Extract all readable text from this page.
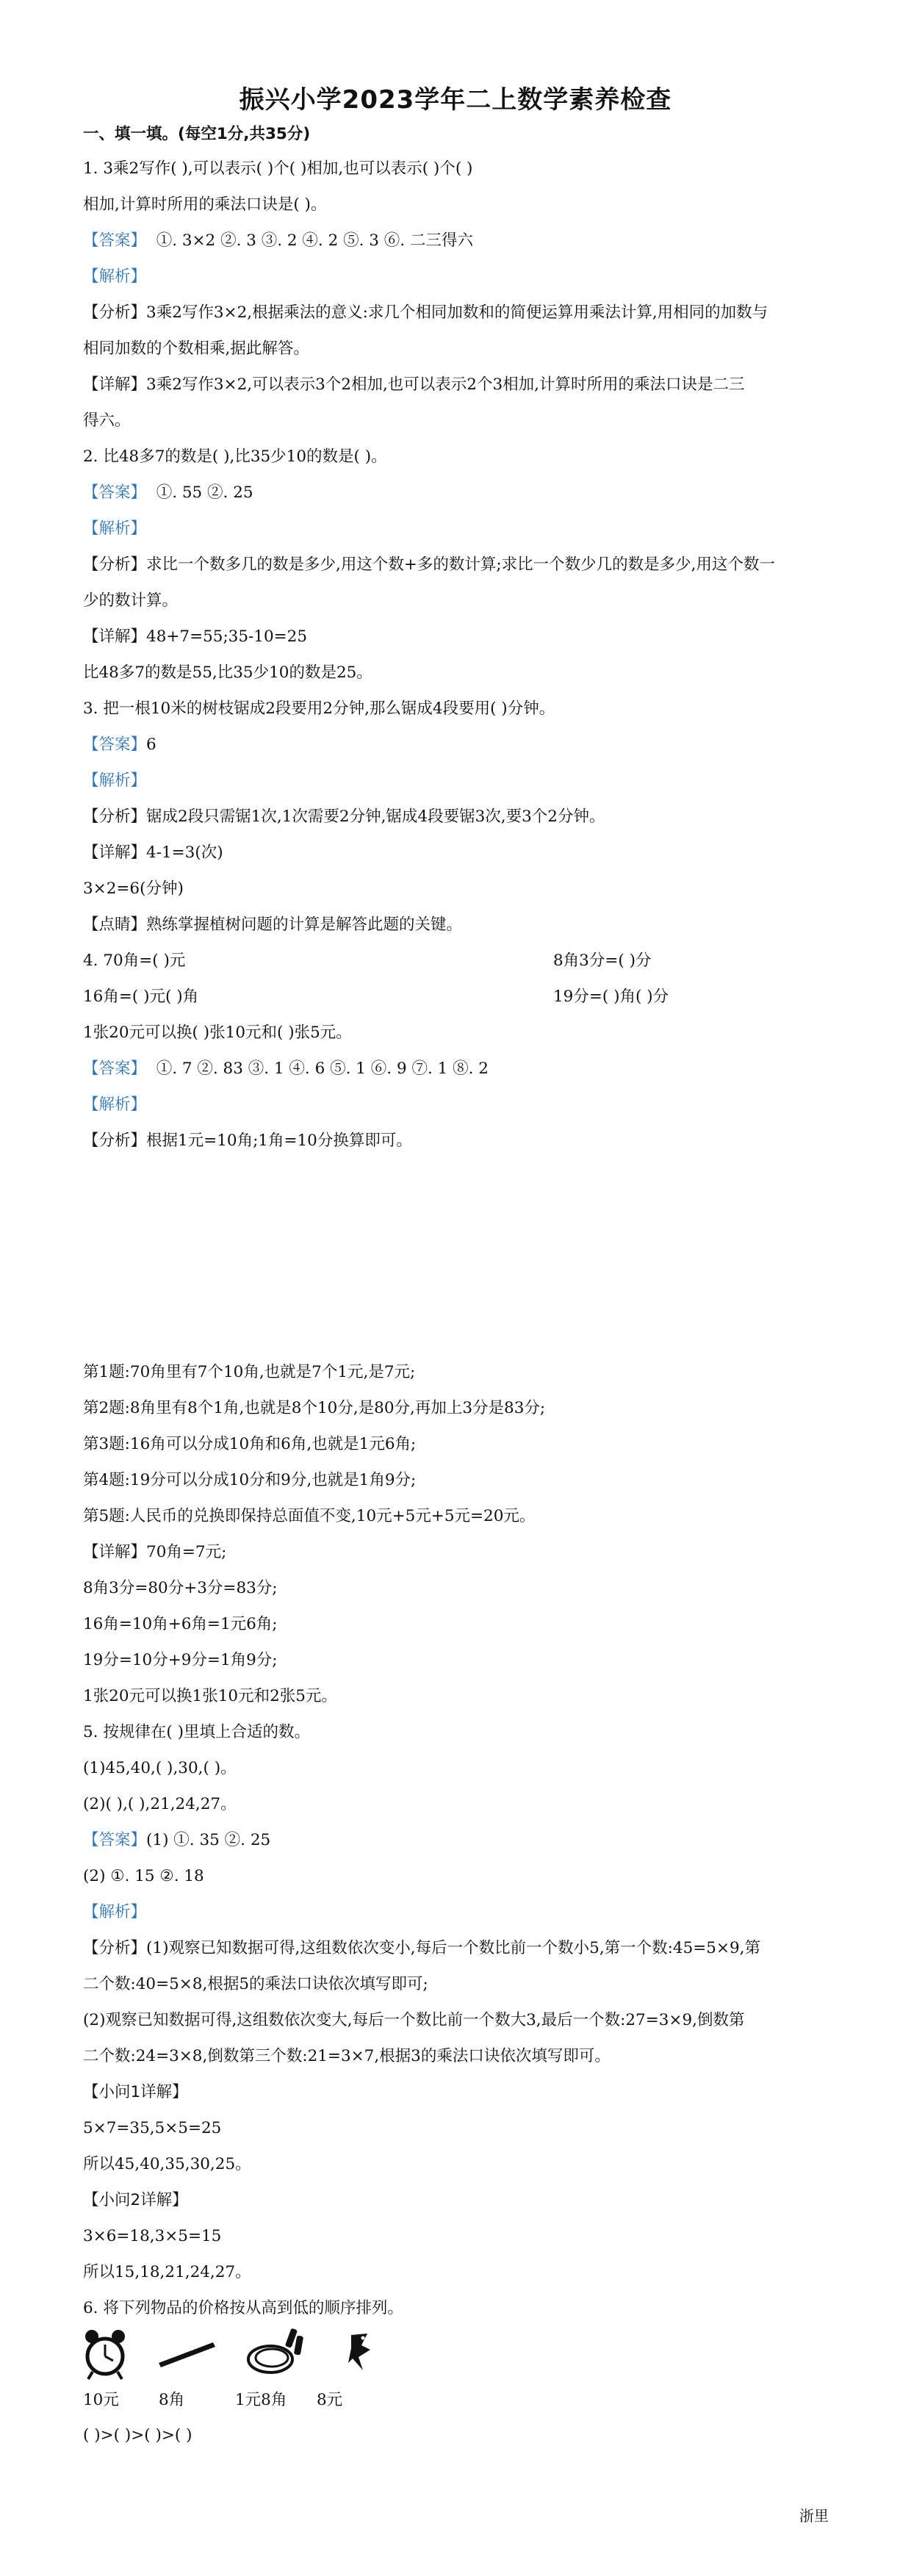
振兴小学2023学年二上数学素养检查
一、填一填。(每空1分,共35分)
1. 3乘2写作( ),可以表示( )个( )相加,也可以表示( )个( )
相加,计算时所用的乘法口诀是( )。
【答案】 ①. 3×2 ②. 3 ③. 2 ④. 2 ⑤. 3 ⑥. 二三得六
【解析】
【分析】3乘2写作3×2,根据乘法的意义:求几个相同加数和的简便运算用乘法计算,用相同的加数与
相同加数的个数相乘,据此解答。
【详解】3乘2写作3×2,可以表示3个2相加,也可以表示2个3相加,计算时所用的乘法口诀是二三
得六。
2. 比48多7的数是( ),比35少10的数是( )。
【答案】 ①. 55 ②. 25
【解析】
【分析】求比一个数多几的数是多少,用这个数+多的数计算;求比一个数少几的数是多少,用这个数一
少的数计算。
【详解】48+7=55;35-10=25
比48多7的数是55,比35少10的数是25。
3. 把一根10米的树枝锯成2段要用2分钟,那么锯成4段要用( )分钟。
【答案】6
【解析】
【分析】锯成2段只需锯1次,1次需要2分钟,锯成4段要锯3次,要3个2分钟。
【详解】4-1=3(次)
3×2=6(分钟)
【点睛】熟练掌握植树问题的计算是解答此题的关键。
4. 70角=( )元	8角3分=( )分
16角=( )元( )角	19分=( )角( )分
1张20元可以换( )张10元和( )张5元。
【答案】 ①. 7 ②. 83 ③. 1 ④. 6 ⑤. 1 ⑥. 9 ⑦. 1 ⑧. 2
【解析】
【分析】根据1元=10角;1角=10分换算即可。
第1题:70角里有7个10角,也就是7个1元,是7元;
第2题:8角里有8个1角,也就是8个10分,是80分,再加上3分是83分;
第3题:16角可以分成10角和6角,也就是1元6角;
第4题:19分可以分成10分和9分,也就是1角9分;
第5题:人民币的兑换即保持总面值不变,10元+5元+5元=20元。
【详解】70角=7元;
8角3分=80分+3分=83分;
16角=10角+6角=1元6角;
19分=10分+9分=1角9分;
1张20元可以换1张10元和2张5元。
5. 按规律在( )里填上合适的数。
(1)45,40,( ),30,( )。
(2)( ),( ),21,24,27。
【答案】(1) ①. 35 ②. 25
(2) ①. 15 ②. 18
【解析】
【分析】(1)观察已知数据可得,这组数依次变小,每后一个数比前一个数小5,第一个数:45=5×9,第
二个数:40=5×8,根据5的乘法口诀依次填写即可;
(2)观察已知数据可得,这组数依次变大,每后一个数比前一个数大3,最后一个数:27=3×9,倒数第
二个数:24=3×8,倒数第三个数:21=3×7,根据3的乘法口诀依次填写即可。
【小问1详解】
5×7=35,5×5=25
所以45,40,35,30,25。
【小问2详解】
3×6=18,3×5=15
所以15,18,21,24,27。
6. 将下列物品的价格按从高到低的顺序排列。
10元	8角	1元8角 8元
( )>( )>( )>( )
浙里
